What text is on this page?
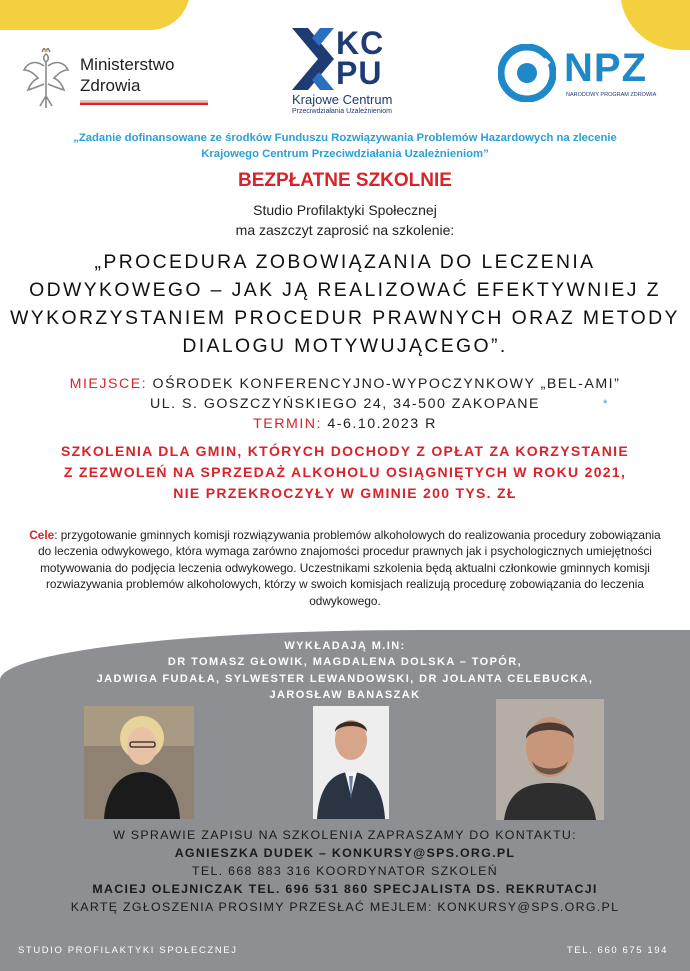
Ministerstwo
Zdrowia
KC
PU
Krajowe Centrum
Przeciwdziałania Uzależnieniom
NPZ
NARODOWY PROGRAM ZDROWIA
„Zadanie dofinansowane ze środków Funduszu Rozwiązywania Problemów Hazardowych na zlecenie
Krajowego Centrum Przeciwdziałania Uzależnieniom”
BEZPŁATNE SZKOLNIE
Studio Profilaktyki Społecznej
ma zaszczyt zaprosić na szkolenie:
„PROCEDURA ZOBOWIĄZANIA DO LECZENIA
ODWYKOWEGO – JAK JĄ REALIZOWAĆ EFEKTYWNIEJ Z
WYKORZYSTANIEM PROCEDUR PRAWNYCH ORAZ METODY
DIALOGU MOTYWUJĄCEGO”.
MIEJSCE: OŚRODEK KONFERENCYJNO-WYPOCZYNKOWY „BEL-AMI”
UL. S. GOSZCZYŃSKIEGO 24, 34-500 ZAKOPANE
TERMIN: 4-6.10.2023 R
*
SZKOLENIA DLA GMIN, KTÓRYCH DOCHODY Z OPŁAT ZA KORZYSTANIE
Z ZEZWOLEŃ NA SPRZEDAŻ ALKOHOLU OSIĄGNIĘTYCH W ROKU 2021,
NIE PRZEKROCZYŁY W GMINIE 200 TYS. ZŁ
Cele: przygotowanie gminnych komisji rozwiązywania problemów alkoholowych do realizowania procedury zobowiązania do leczenia odwykowego, która wymaga zarówno znajomości procedur prawnych jak i psychologicznych umiejętności motywowania do podjęcia leczenia odwykowego. Uczestnikami szkolenia będą aktualni członkowie gminnych komisji rozwiazywania problemów alkoholowych, którzy w swoich komisjach realizują procedurę zobowiązania do leczenia odwykowego.
WYKŁADAJĄ M.IN:
DR TOMASZ GŁOWIK, MAGDALENA DOLSKA – TOPÓR,
JADWIGA FUDAŁA, SYLWESTER LEWANDOWSKI, DR JOLANTA CELEBUCKA,
JAROSŁAW BANASZAK
W SPRAWIE ZAPISU NA SZKOLENIA ZAPRASZAMY DO KONTAKTU:
AGNIESZKA DUDEK – KONKURSY@SPS.ORG.PL
TEL. 668 883 316 KOORDYNATOR SZKOLEŃ
MACIEJ OLEJNICZAK TEL. 696 531 860 SPECJALISTA DS. REKRUTACJI
KARTĘ ZGŁOSZENIA PROSIMY PRZESŁAĆ MEJLEM: KONKURSY@SPS.ORG.PL
STUDIO PROFILAKTYKI SPOŁECZNEJ	TEL. 660 675 194
